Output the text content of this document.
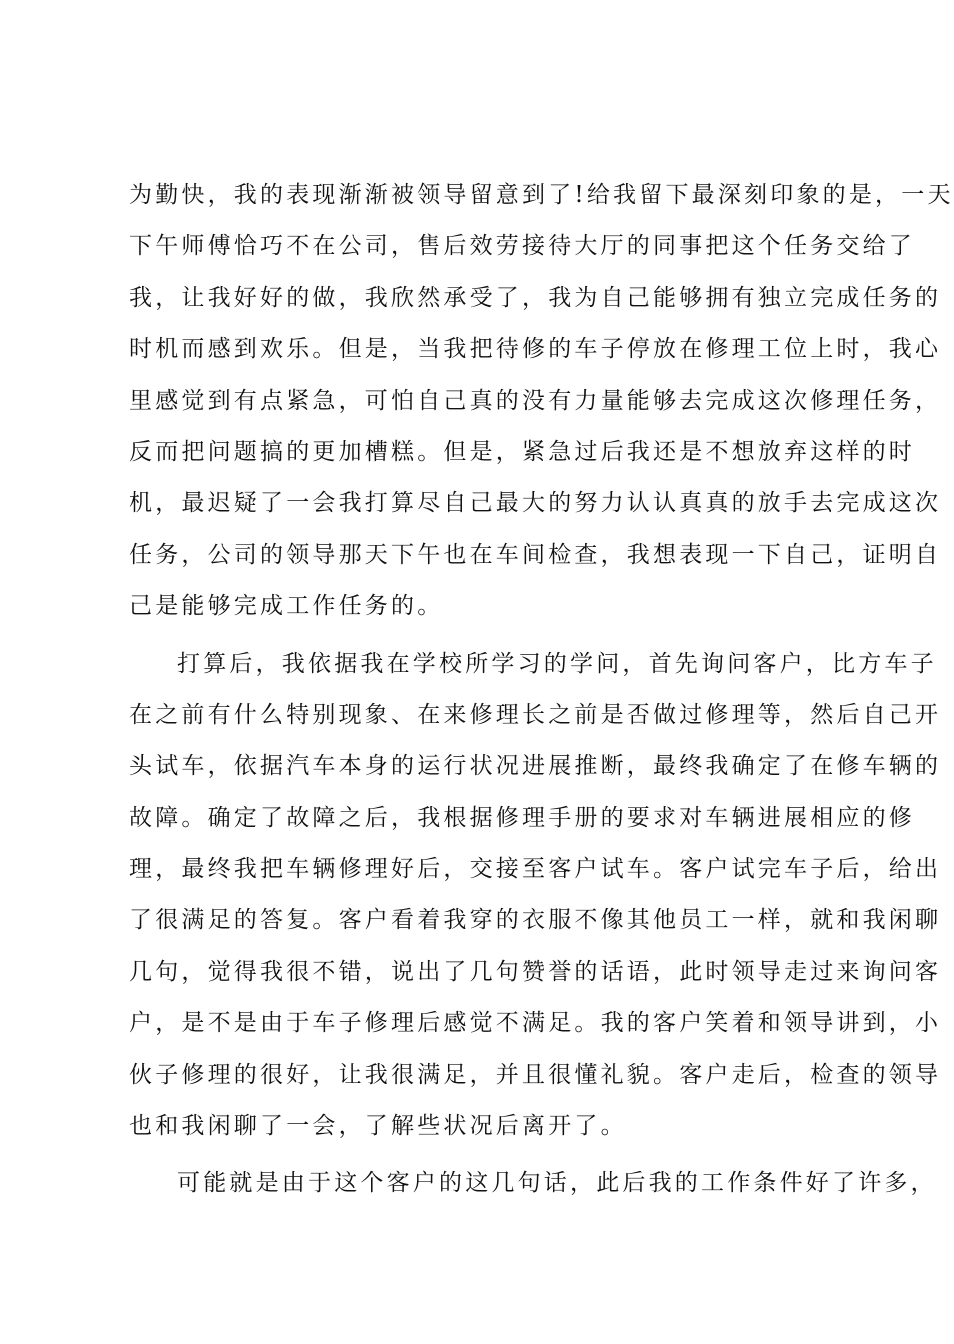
为勤快，我的表现渐渐被领导留意到了!给我留下最深刻印象的是，一天
下午师傅恰巧不在公司，售后效劳接待大厅的同事把这个任务交给了
我，让我好好的做，我欣然承受了，我为自己能够拥有独立完成任务的
时机而感到欢乐。但是，当我把待修的车子停放在修理工位上时，我心
里感觉到有点紧急，可怕自己真的没有力量能够去完成这次修理任务，
反而把问题搞的更加槽糕。但是，紧急过后我还是不想放弃这样的时
机，最迟疑了一会我打算尽自己最大的努力认认真真的放手去完成这次
任务，公司的领导那天下午也在车间检查，我想表现一下自己，证明自
己是能够完成工作任务的。
打算后，我依据我在学校所学习的学问，首先询问客户，比方车子
在之前有什么特别现象、在来修理长之前是否做过修理等，然后自己开
头试车，依据汽车本身的运行状况进展推断，最终我确定了在修车辆的
故障。确定了故障之后，我根据修理手册的要求对车辆进展相应的修
理，最终我把车辆修理好后，交接至客户试车。客户试完车子后，给出
了很满足的答复。客户看着我穿的衣服不像其他员工一样，就和我闲聊
几句，觉得我很不错，说出了几句赞誉的话语，此时领导走过来询问客
户，是不是由于车子修理后感觉不满足。我的客户笑着和领导讲到，小
伙子修理的很好，让我很满足，并且很懂礼貌。客户走后，检查的领导
也和我闲聊了一会，了解些状况后离开了。
可能就是由于这个客户的这几句话，此后我的工作条件好了许多，
